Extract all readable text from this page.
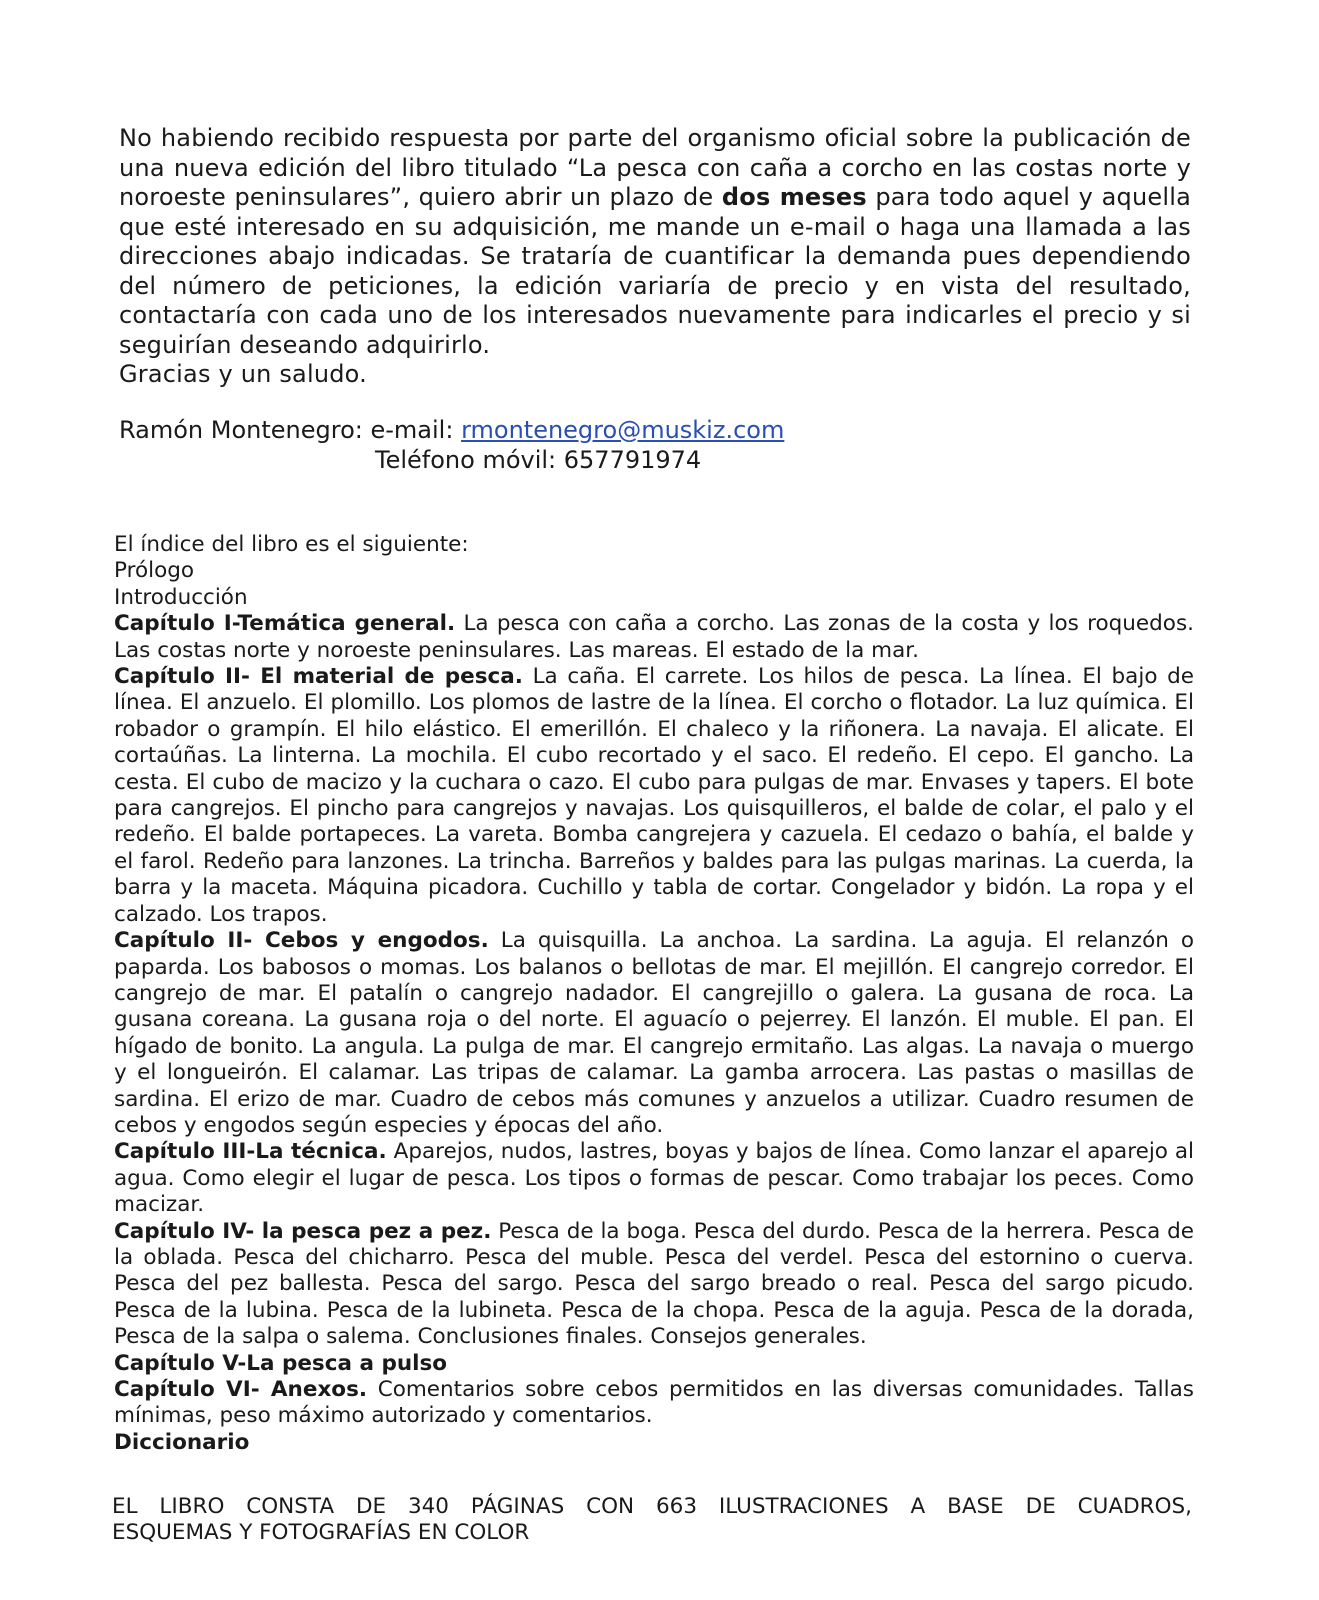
No habiendo recibido respuesta por parte del organismo oficial sobre la publicación de una nueva edición del libro titulado “La pesca con caña a corcho en las costas norte y noroeste peninsulares”, quiero abrir un plazo de dos meses para todo aquel y aquella que esté interesado en su adquisición, me mande un e-mail o haga una llamada a las direcciones abajo indicadas. Se trataría de cuantificar la demanda pues dependiendo del número de peticiones, la edición variaría de precio y en vista del resultado, contactaría con cada uno de los interesados nuevamente para indicarles el precio y si seguirían deseando adquirirlo.

Gracias y un saludo.

Ramón Montenegro: e-mail: rmontenegro@muskiz.com
Teléfono móvil: 657791974

El índice del libro es el siguiente:

Prólogo

Introducción

Capítulo I-Temática general. La pesca con caña a corcho. Las zonas de la costa y los roquedos. Las costas norte y noroeste peninsulares. Las mareas. El estado de la mar.

Capítulo II- El material de pesca. La caña. El carrete. Los hilos de pesca. La línea. El bajo de línea. El anzuelo. El plomillo. Los plomos de lastre de la línea. El corcho o flotador. La luz química. El robador o grampín. El hilo elástico. El emerillón. El chaleco y la riñonera. La navaja. El alicate. El cortaúñas. La linterna. La mochila. El cubo recortado y el saco. El redeño. El cepo. El gancho. La cesta. El cubo de macizo y la cuchara o cazo. El cubo para pulgas de mar. Envases y tapers. El bote para cangrejos. El pincho para cangrejos y navajas. Los quisquilleros, el balde de colar, el palo y el redeño. El balde portapeces. La vareta. Bomba cangrejera y cazuela. El cedazo o bahía, el balde y el farol. Redeño para lanzones. La trincha. Barreños y baldes para las pulgas marinas. La cuerda, la barra y la maceta. Máquina picadora. Cuchillo y tabla de cortar. Congelador y bidón. La ropa y el calzado. Los trapos.

Capítulo II- Cebos y engodos. La quisquilla. La anchoa. La sardina. La aguja. El relanzón o paparda. Los babosos o momas. Los balanos o bellotas de mar. El mejillón. El cangrejo corredor. El cangrejo de mar. El patalín o cangrejo nadador. El cangrejillo o galera. La gusana de roca. La gusana coreana. La gusana roja o del norte. El aguacío o pejerrey. El lanzón. El muble. El pan. El hígado de bonito. La angula. La pulga de mar. El cangrejo ermitaño. Las algas. La navaja o muergo y el longueirón. El calamar. Las tripas de calamar. La gamba arrocera. Las pastas o masillas de sardina. El erizo de mar. Cuadro de cebos más comunes y anzuelos a utilizar. Cuadro resumen de cebos y engodos según especies y épocas del año.

Capítulo III-La técnica. Aparejos, nudos, lastres, boyas y bajos de línea. Como lanzar el aparejo al agua. Como elegir el lugar de pesca. Los tipos o formas de pescar. Como trabajar los peces. Como macizar.

Capítulo IV- la pesca pez a pez. Pesca de la boga. Pesca del durdo. Pesca de la herrera. Pesca de la oblada. Pesca del chicharro. Pesca del muble. Pesca del verdel. Pesca del estornino o cuerva. Pesca del pez ballesta. Pesca del sargo. Pesca del sargo breado o real. Pesca del sargo picudo. Pesca de la lubina. Pesca de la lubineta. Pesca de la chopa. Pesca de la aguja. Pesca de la dorada, Pesca de la salpa o salema. Conclusiones finales. Consejos generales.

Capítulo V-La pesca a pulso

Capítulo VI- Anexos. Comentarios sobre cebos permitidos en las diversas comunidades. Tallas mínimas, peso máximo autorizado y comentarios.

Diccionario

EL LIBRO CONSTA DE 340 PÁGINAS CON 663 ILUSTRACIONES A BASE DE CUADROS,
ESQUEMAS Y FOTOGRAFÍAS EN COLOR
